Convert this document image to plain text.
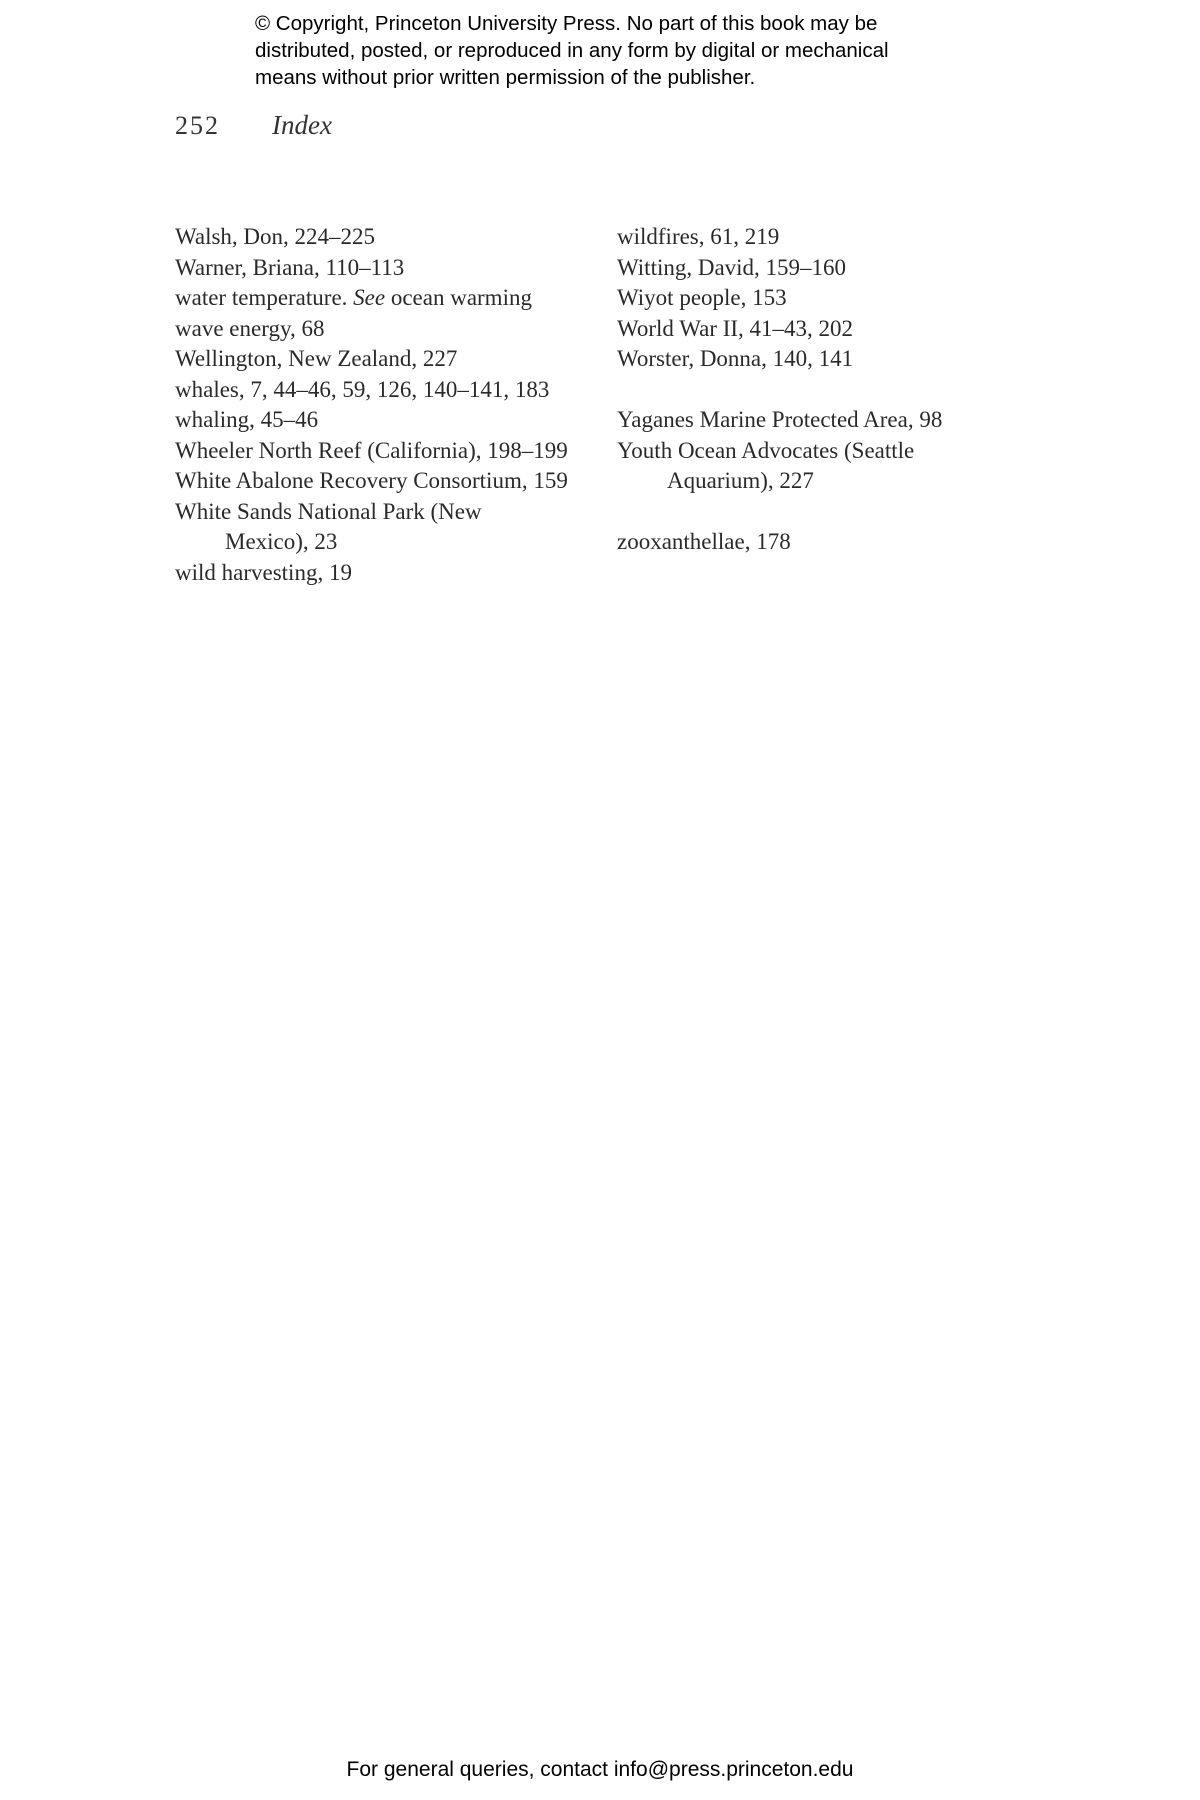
© Copyright, Princeton University Press. No part of this book may be
distributed, posted, or reproduced in any form by digital or mechanical
means without prior written permission of the publisher.
252 Index
Walsh, Don, 224–225
Warner, Briana, 110–113
water temperature. See ocean warming
wave energy, 68
Wellington, New Zealand, 227
whales, 7, 44–46, 59, 126, 140–141, 183
whaling, 45–46
Wheeler North Reef (California), 198–199
White Abalone Recovery Consortium, 159
White Sands National Park (New Mexico), 23
wild harvesting, 19
wildfires, 61, 219
Witting, David, 159–160
Wiyot people, 153
World War II, 41–43, 202
Worster, Donna, 140, 141
Yaganes Marine Protected Area, 98
Youth Ocean Advocates (Seattle Aquarium), 227
zooxanthellae, 178
For general queries, contact info@press.princeton.edu
